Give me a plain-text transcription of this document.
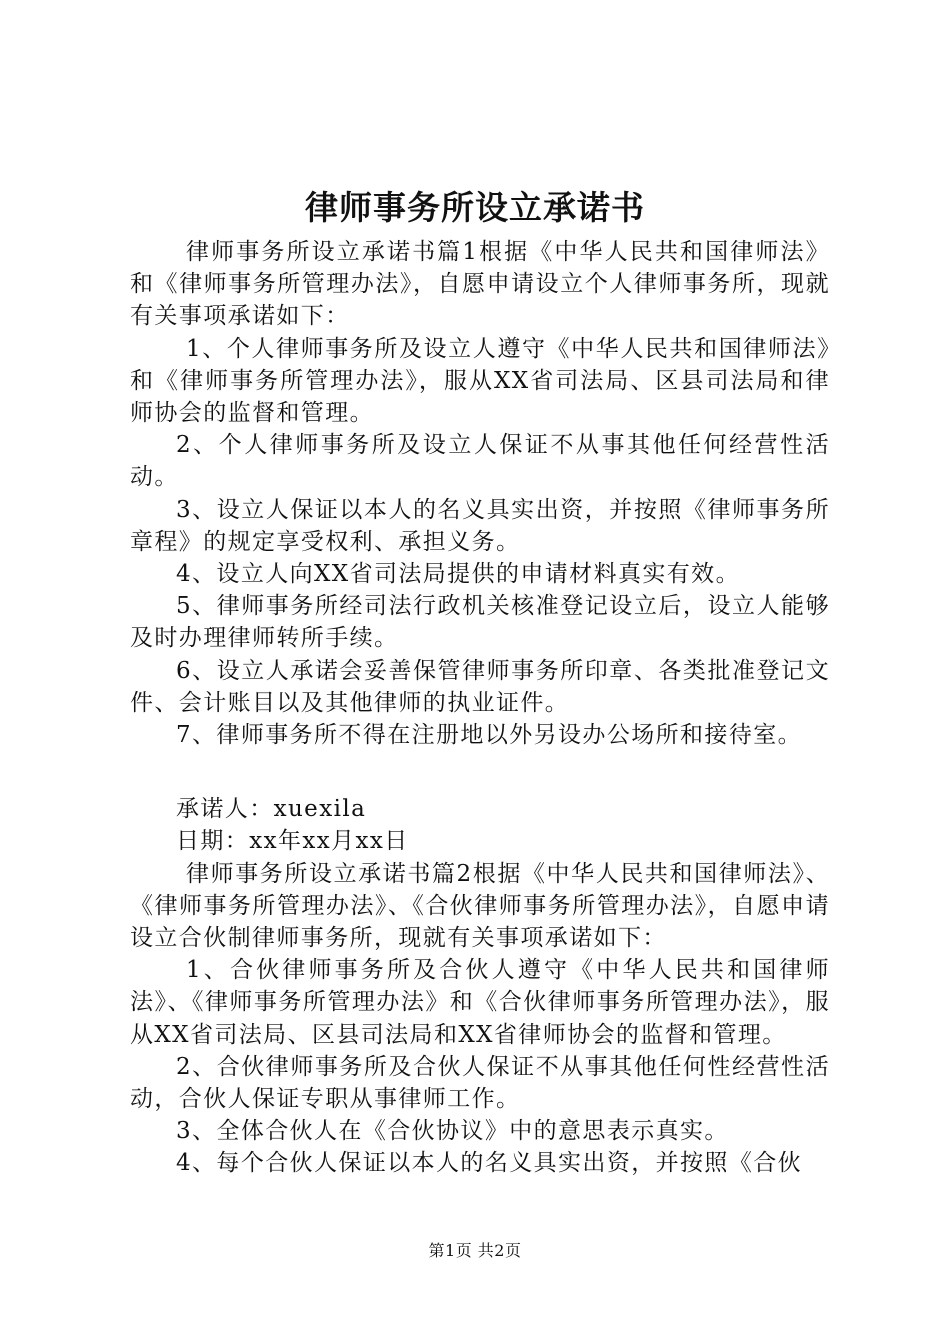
律师事务所设立承诺书

律师事务所设立承诺书篇1根据《中华人民共和国律师法》和《律师事务所管理办法》，自愿申请设立个人律师事务所，现就有关事项承诺如下：

1、个人律师事务所及设立人遵守《中华人民共和国律师法》和《律师事务所管理办法》，服从XX省司法局、区县司法局和律师协会的监督和管理。

2、个人律师事务所及设立人保证不从事其他任何经营性活动。

3、设立人保证以本人的名义具实出资，并按照《律师事务所章程》的规定享受权利、承担义务。

4、设立人向XX省司法局提供的申请材料真实有效。

5、律师事务所经司法行政机关核准登记设立后，设立人能够及时办理律师转所手续。

6、设立人承诺会妥善保管律师事务所印章、各类批准登记文件、会计账目以及其他律师的执业证件。

7、律师事务所不得在注册地以外另设办公场所和接待室。

承诺人：xuexila

日期：xx年xx月xx日

律师事务所设立承诺书篇2根据《中华人民共和国律师法》、《律师事务所管理办法》、《合伙律师事务所管理办法》，自愿申请设立合伙制律师事务所，现就有关事项承诺如下：

1、合伙律师事务所及合伙人遵守《中华人民共和国律师法》、《律师事务所管理办法》和《合伙律师事务所管理办法》，服从XX省司法局、区县司法局和XX省律师协会的监督和管理。

2、合伙律师事务所及合伙人保证不从事其他任何性经营性活动，合伙人保证专职从事律师工作。

3、全体合伙人在《合伙协议》中的意思表示真实。

4、每个合伙人保证以本人的名义具实出资，并按照《合伙

第1页 共2页
